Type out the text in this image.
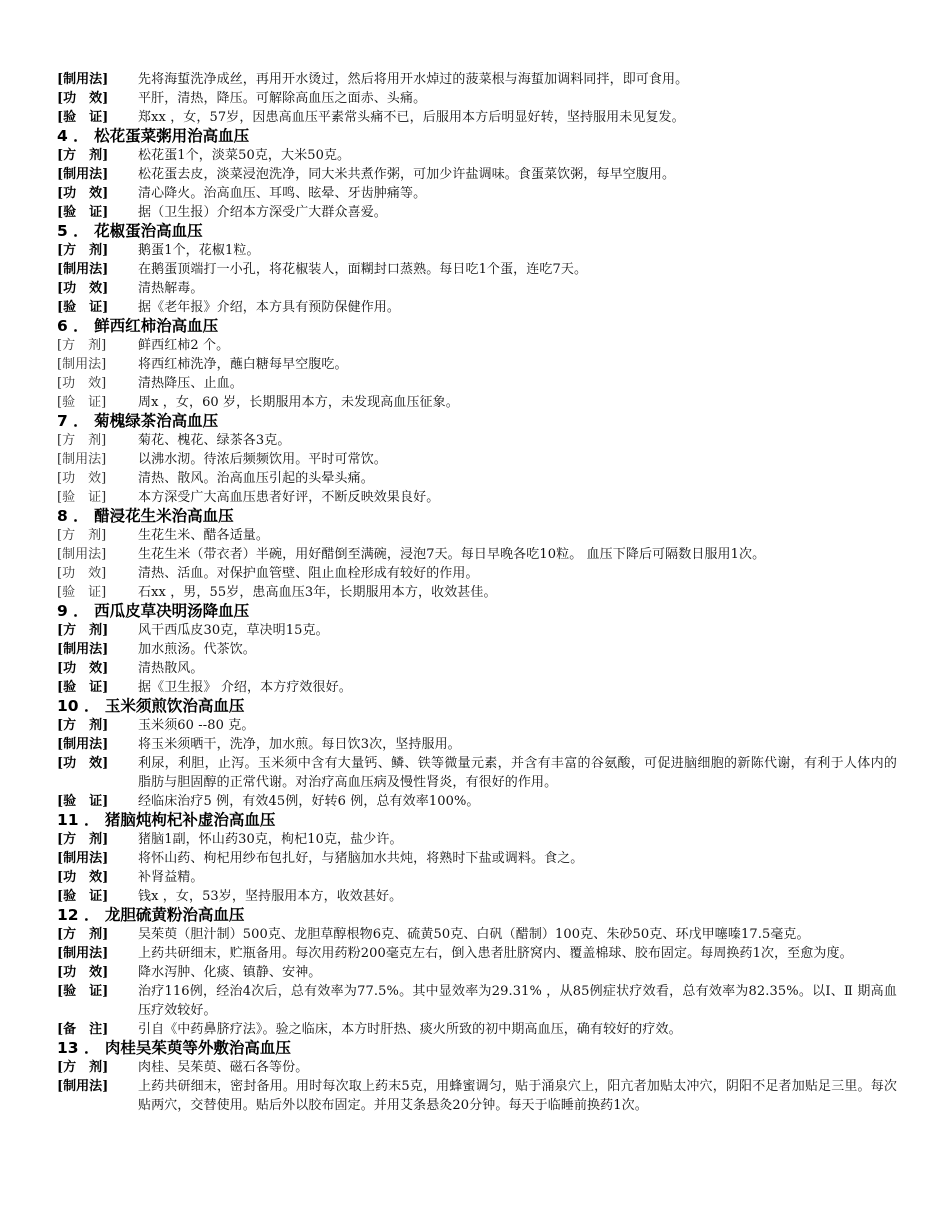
[制用法]	先将海蜇洗净成丝，再用开水烫过，然后将用开水焯过的菠菜根与海蜇加调料同拌，即可食用。
[功　效]	平肝，清热，降压。可解除高血压之面赤、头痛。
[验　证]	郑xx ，女，57岁，因患高血压平素常头痛不已，后服用本方后明显好转，坚持服用未见复发。
4 ． 松花蛋菜粥用治高血压
[方　剂]	松花蛋1个，淡菜50克，大米50克。
[制用法]	松花蛋去皮，淡菜浸泡洗净，同大米共煮作粥，可加少许盐调味。食蛋菜饮粥，每早空腹用。
[功　效]	清心降火。治高血压、耳鸣、眩晕、牙齿肿痛等。
[验　证]	据（卫生报）介绍本方深受广大群众喜爱。
5 ． 花椒蛋治高血压
[方　剂]	鹅蛋1个，花椒1粒。
[制用法]	在鹅蛋顶端打一小孔，将花椒装人，面糊封口蒸熟。每日吃1个蛋，连吃7天。
[功　效]	清热解毒。
[验　证]	据《老年报》介绍，本方具有预防保健作用。
6 ． 鲜西红柿治高血压
[方　剂]	鲜西红柿2 个。
[制用法]	将西红柿洗净，蘸白糖每早空腹吃。
[功　效]	清热降压、止血。
[验　证]	周x ，女，60 岁，长期服用本方，未发现高血压征象。
7 ． 菊槐绿茶治高血压
[方　剂]	菊花、槐花、绿茶各3克。
[制用法]	以沸水沏。待浓后频频饮用。平时可常饮。
[功　效]	清热、散风。治高血压引起的头晕头痛。
[验　证]	本方深受广大高血压患者好评，不断反映效果良好。
8 ． 醋浸花生米治高血压
[方　剂]	生花生米、醋各适量。
[制用法]	生花生米（带衣者）半碗，用好醋倒至满碗，浸泡7天。每日早晚各吃10粒。 血压下降后可隔数日服用1次。
[功　效]	清热、活血。对保护血管壁、阻止血栓形成有较好的作用。
[验　证]	石xx ，男，55岁，患高血压3年，长期服用本方，收效甚佳。
9 ． 西瓜皮草决明汤降血压
[方　剂]	风干西瓜皮30克，草决明15克。
[制用法]	加水煎汤。代茶饮。
[功　效]	清热散风。
[验　证]	据《卫生报》 介绍，本方疗效很好。
10 ． 玉米须煎饮治高血压
[方　剂]	玉米须60 --80 克。
[制用法]	将玉米须晒干，洗净，加水煎。每日饮3次，坚持服用。
[功　效]	利尿，利胆，止泻。玉米须中含有大量钙、鳞、铁等微量元素，并含有丰富的谷氨酸，可促进脑细胞的新陈代谢，有利于人体内的脂肪与胆固醇的正常代谢。对治疗高血压病及慢性肾炎，有很好的作用。
[验　证]	经临床治疗5 例，有效45例，好转6 例，总有效率100%。
11 ． 猪脑炖枸杞补虚治高血压
[方　剂]	猪脑1副，怀山药30克，枸杞10克，盐少许。
[制用法]	将怀山药、枸杞用纱布包扎好，与猪脑加水共炖，将熟时下盐或调料。食之。
[功　效]	补肾益精。
[验　证]	钱x ，女，53岁，坚持服用本方，收效甚好。
12 ． 龙胆硫黄粉治高血压
[方　剂]	吴茱萸（胆汁制）500克、龙胆草醇根物6克、硫黄50克、白矾（醋制）100克、朱砂50克、环戊甲噻嗪17.5毫克。
[制用法]	上药共研细末，贮瓶备用。每次用药粉200毫克左右，倒入患者肚脐窝内、覆盖棉球、胶布固定。每周换药1次，至愈为度。
[功　效]	降水泻肿、化痰、镇静、安神。
[验　证]	治疗116例，经治4次后，总有效率为77.5%。其中显效率为29.31% ，从85例症状疗效看，总有效率为82.35%。以Ⅰ、Ⅱ 期高血压疗效较好。
[备　注]	引自《中药鼻脐疗法》。验之临床，本方时肝热、痰火所致的初中期高血压，确有较好的疗效。
13 ． 肉桂吴茱萸等外敷治高血压
[方　剂]	肉桂、吴茱萸、磁石各等份。
[制用法]	上药共研细末，密封备用。用时每次取上药末5克，用蜂蜜调匀，贴于涌泉穴上，阳亢者加贴太冲穴，阴阳不足者加贴足三里。每次贴两穴，交替使用。贴后外以胶布固定。并用艾条悬灸20分钟。每天于临睡前换药1次。
